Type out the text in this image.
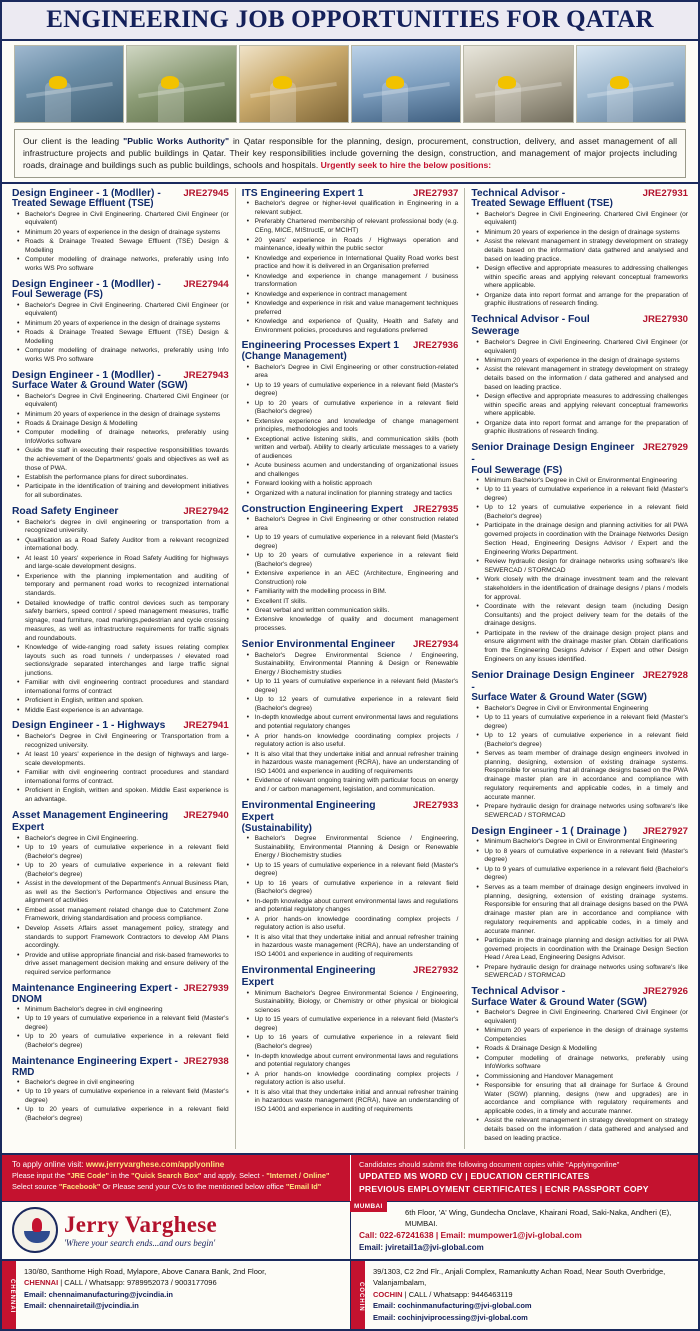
ENGINEERING JOB OPPORTUNITIES FOR QATAR
Our client is the leading "Public Works Authority" in Qatar responsible for the planning, design, procurement, construction, delivery, and asset management of all infrastructure projects and public buildings in Qatar. Their key responsibilities include governing the design, construction, and management of major projects including roads, drainage and buildings such as public buildings, schools and hospitals. Urgently seek to hire the below positions:
Design Engineer - 1 (Modller) - JRE27945
Treated Sewage Effluent (TSE)
• Bachelor's Degree in Civil Engineering. Chartered Civil Engineer (or equivalent)
• Minimum 20 years of experience in the design of drainage systems
• Roads & Drainage Treated Sewage Effluent (TSE) Design & Modelling
• Computer modelling of drainage networks, preferably using Info works WS Pro software
Design Engineer - 1 (Modller) - JRE27944
Foul Sewerage (FS)
• Bachelor's Degree in Civil Engineering. Chartered Civil Engineer (or equivalent)
• Minimum 20 years of experience in the design of drainage systems
• Roads & Drainage Treated Sewage Effluent (TSE) Design & Modelling
• Computer modelling of drainage networks, preferably using Info works WS Pro software
Design Engineer - 1 (Modller) - JRE27943
Surface Water & Ground Water (SGW)
• Bachelor's Degree in Civil Engineering. Chartered Civil Engineer (or equivalent)
• Minimum 20 years of experience in the design of drainage systems
• Roads & Drainage Design & Modelling
• Computer modelling of drainage networks, preferably using InfoWorks software
• Guide the staff in executing their respective responsibilities towards the achievement of the Departments' goals and objectives as well as those of PWA.
• Establish the performance plans for direct subordinates.
• Participate in the identification of training and development initiatives for all subordinates.
Road Safety Engineer	JRE27942
• Bachelor's degree in civil engineering or transportation from a recognized university.
• Qualification as a Road Safety Auditor from a relevant recognized international body.
• At least 10 years' experience in Road Safety Auditing for highways and large-scale development designs.
• Experience with the planning implementation and auditing of temporary and permanent road works to recognized international standards.
• Detailed knowledge of traffic control devices such as temporary safety barriers, speed control / speed management measures, traffic signage, road furniture, road markings,pedestrian and cycle crossing measures, as well as infrastructure requirements for traffic signals and roundabouts.
• Knowledge of wide-ranging road safety issues relating complex layouts such as road tunnels / underpasses / elevated road sections/grade separated interchanges and large traffic signal junctions.
• Familiar with civil engineering contract procedures and standard international forms of contract
• Proficient in English, written and spoken.
• Middle East experience is an advantage.
Design Engineer - 1 - Highways JRE27941
• Bachelor's Degree in Civil Engineering or Transportation from a recognized university.
• At least 10 years' experience in the design of highways and large-scale developments.
• Familiar with civil engineering contract procedures and standard international forms of contract.
• Proficient in English, written and spoken. Middle East experience is an advantage.
Asset Management Engineering Expert
JRE27940
• Bachelor's degree in Civil Engineering.
• Up to 19 years of cumulative experience in a relevant field (Bachelor's degree)
• Up to 20 years of cumulative experience in a relevant field (Bachelor's degree)
• Assist in the development of the Department's Annual Business Plan, as well as the Section's Performance Objectives and ensure the alignment of activities
• Embed asset management related change due to Catchment Zone Framework, driving standardisation and process compliance.
• Develop Assets Affairs asset management policy, strategy and standards to support Framework Contractors to develop AM Plans accordingly.
• Provide and utilise appropriate financial and risk-based frameworks to drive asset management decision making and ensure delivery of the required service performance
Maintenance Engineering Expert - JRE27939
DNOM
• Minimum Bachelor's degree in civil engineering
• Up to 19 years of cumulative experience in a relevant field (Master's degree)
• Up to 20 years of cumulative experience in a relevant field (Bachelor's degree)
Maintenance Engineering Expert - JRE27938
RMD
• Bachelor's degree in civil engineering
• Up to 19 years of cumulative experience in a relevant field (Master's degree)
• Up to 20 years of cumulative experience in a relevant field (Bachelor's degree)
ITS Engineering Expert 1	JRE27937
• Bachelor's degree or higher-level qualification in Engineering in a relevant subject.
• Preferably Chartered membership of relevant professional body (e.g. CEng, MICE, MIStructE, or MCIHT)
• 20 years' experience in Roads / Highways operation and maintenance, ideally within the public sector
• Knowledge and experience in International Quality Road works best practice and how it is delivered in an Organisation preferred
• Knowledge and experience in change management / business transformation
• Knowledge and experience in contract management
• Knowledge and experience in risk and value management techniques preferred
• Knowledge and experience of Quality, Health and Safety and Environment policies, procedures and regulations preferred
Engineering Processes Expert 1 JRE27936
(Change Management)
• Bachelor's Degree in Civil Engineering or other construction-related area
• Up to 19 years of cumulative experience in a relevant field (Master's degree)
• Up to 20 years of cumulative experience in a relevant field (Bachelor's degree)
• Extensive experience and knowledge of change management principles, methodologies and tools
• Exceptional active listening skills, and communication skills (both written and verbal). Ability to clearly articulate messages to a variety of audiences
• Acute business acumen and understanding of organizational issues and challenges
• Forward looking with a holistic approach
• Organized with a natural inclination for planning strategy and tactics
Construction Engineering Expert JRE27935
• Bachelor's Degree in Civil Engineering or other construction related area
• Up to 19 years of cumulative experience in a relevant field (Master's degree)
• Up to 20 years of cumulative experience in a relevant field (Bachelor's degree)
• Extensive experience in an AEC (Architecture, Engineering and Construction) role
• Familiarity with the modelling process in BIM.
• Excellent IT skills.
• Great verbal and written communication skills.
• Extensive knowledge of quality and document management processes.
Senior Environmental Engineer JRE27934
• Bachelor's Degree Environmental Science / Engineering, Sustainability, Environmental Planning & Design or Renewable Energy / Biochemistry studies
• Up to 11 years of cumulative experience in a relevant field (Master's degree)
• Up to 12 years of cumulative experience in a relevant field (Bachelor's degree)
• In-depth knowledge about current environmental laws and regulations and potential regulatory changes
• A prior hands-on knowledge coordinating complex projects / regulatory action is also useful.
• It is also vital that they undertake initial and annual refresher training in hazardous waste management (RCRA), have an understanding of ISO 14001 and experience in auditing of requirements
• Evidence of relevant ongoing training with particular focus on energy and / or carbon management, legislation, and communication.
Environmental Engineering Expert
JRE27933
(Sustainability)
• Bachelor's Degree Environmental Science / Engineering, Sustainability, Environmental Planning & Design or Renewable Energy / Biochemistry studies
• Up to 15 years of cumulative experience in a relevant field (Master's degree)
• Up to 16 years of cumulative experience in a relevant field (Bachelor's degree)
• In-depth knowledge about current environmental laws and regulations and potential regulatory changes
• A prior hands-on knowledge coordinating complex projects / regulatory action is also useful.
• It is also vital that they undertake initial and annual refresher training in hazardous waste management (RCRA), have an understanding of ISO 14001 and experience in auditing of requirements
Environmental Engineering Expert
JRE27932
• Minimum Bachelor's Degree Environmental Science / Engineering, Sustainability, Biology, or Chemistry or other physical or biological sciences
• Up to 15 years of cumulative experience in a relevant field (Master's degree)
• Up to 16 years of cumulative experience in a relevant field (Bachelor's degree)
• In-depth knowledge about current environmental laws and regulations and potential regulatory changes
• A prior hands-on knowledge coordinating complex projects / regulatory action is also useful.
• It is also vital that they undertake initial and annual refresher training in hazardous waste management (RCRA), have an understanding of ISO 14001 and experience in auditing of requirements
Technical Advisor -	JRE27931
Treated Sewage Effluent (TSE)
• Bachelor's Degree in Civil Engineering. Chartered Civil Engineer (or equivalent)
• Minimum 20 years of experience in the design of drainage systems
• Assist the relevant management in strategy development on strategy details based on the information/ data gathered and analysed and based on leading practice.
• Design effective and appropriate measures to addressing challenges within specific areas and applying relevant conceptual frameworks where applicable.
• Organize data into report format and arrange for the preparation of graphic illustrations of research finding.
Technical Advisor - Foul Sewerage
JRE27930
• Bachelor's Degree in Civil Engineering. Chartered Civil Engineer (or equivalent)
• Minimum 20 years of experience in the design of drainage systems
• Assist the relevant management in strategy development on strategy details based on the information / data gathered and analysed and based on leading practice.
• Design effective and appropriate measures to addressing challenges within specific areas and applying relevant conceptual frameworks where applicable.
• Organize data into report format and arrange for the preparation of graphic illustrations of research finding.
Senior Drainage Design Engineer -
JRE27929
Foul Sewerage (FS)
• Minimum Bachelor's Degree in Civil or Environmental Engineering
• Up to 11 years of cumulative experience in a relevant field (Master's degree)
• Up to 12 years of cumulative experience in a relevant field (Bachelor's degree)
• Participate in the drainage design and planning activities for all PWA governed projects in coordination with the Drainage Networks Design Section Head, Engineering Designs Advisor / Expert and the Engineering Works Department.
• Review hydraulic design for drainage networks using software's like SEWERCAD / STORMCAD
• Work closely with the drainage investment team and the relevant stakeholders in the identification of drainage designs / plans / models for approval.
• Coordinate with the relevant design team (including Design Consultants) and the project delivery team for the details of the drainage designs.
• Participate in the review of the drainage design project plans and ensure alignment with the drainage master plan. Obtain clarifications from the Engineering Designs Advisor / Expert and other Design Engineers on any issues identified.
Senior Drainage Design Engineer -
JRE27928
Surface Water & Ground Water (SGW)
• Bachelor's Degree in Civil or Environmental Engineering
• Up to 11 years of cumulative experience in a relevant field (Master's degree)
• Up to 12 years of cumulative experience in a relevant field (Bachelor's degree)
• Serves as team member of drainage design engineers involved in planning, designing, extension of existing drainage systems. Responsible for ensuring that all drainage designs based on the PWA drainage master plan are in accordance and compliance with regulatory requirements and applicable codes, in a timely and accurate manner.
• Prepare hydraulic design for drainage networks using software's like SEWERCAD / STORMCAD
Design Engineer - 1 ( Drainage ) JRE27927
• Minimum Bachelor's Degree in Civil or Environmental Engineering
• Up to 8 years of cumulative experience in a relevant field (Master's degree)
• Up to 9 years of cumulative experience in a relevant field (Bachelor's degree)
• Serves as a team member of drainage design engineers involved in planning, designing, extension of existing drainage systems. Responsible for ensuring that all drainage designs based on the PWA drainage master plan are in accordance and compliance with regulatory requirements and applicable codes, in a timely and accurate manner.
• Participate in the drainage planning and design activities for all PWA governed projects in coordination with the Drainage Design Section Head / Area Lead, Engineering Designs Advisor.
• Prepare hydraulic design for drainage networks using software's like SEWERCAD / STORMCAD
Technical Advisor -	JRE27926
Surface Water & Ground Water (SGW)
• Bachelor's Degree in Civil Engineering. Chartered Civil Engineer (or equivalent)
• Minimum 20 years of experience in the design of drainage systems Competencies
• Roads & Drainage Design & Modelling
• Computer modelling of drainage networks, preferably using InfoWorks software
• Commissioning and Handover Management
• Responsible for ensuring that all drainage for Surface & Ground Water (SGW) planning, designs (new and upgrades) are in accordance and compliance with regulatory requirements and applicable codes, in a timely and accurate manner.
• Assist the relevant management in strategy development on strategy details based on the information / data gathered and analysed and based on leading practice.
To apply online visit: www.jerryvarghese.com/applyonline
Please input the "JRE Code" in the "Quick Search Box" and apply. Select - "Internet / Online"
Select source "Facebook" Or Please send your CVs to the mentioned below office "Email Id"
Candidates should submit the following document copies while "Applyingonline"
UPDATED MS WORD CV | EDUCATION CERTIFICATES
PREVIOUS EMPLOYMENT CERTIFICATES | ECNR PASSPORT COPY
Jerry Varghese
'Where your search ends...and ours begin'
MUMBAI
6th Floor, 'A' Wing, Gundecha Onclave, Khairani Road, Saki-Naka, Andheri (E), MUMBAI.
Call: 022-67241638 | Email: mumpower1@jvi-global.com
Email: jviretail1a@jvi-global.com
CHENNAI
130/80, Santhome High Road, Mylapore, Above Canara Bank, 2nd Floor,
CHENNAI | CALL / Whatsapp: 9789952073 / 9003177096
Email: chennaimanufacturing@jvcindia.in
Email: chennairetail@jvcindia.in	COCHIN
39/1303, C2 2nd Flr., Anjali Complex, Ramankutty Achan Road, Near South Overbridge, Valanjambalam,
COCHIN | CALL / Whatsapp: 9446463119
Email: cochinmanufacturing@jvi-global.com
Email: cochinjviprocessing@jvi-global.com
